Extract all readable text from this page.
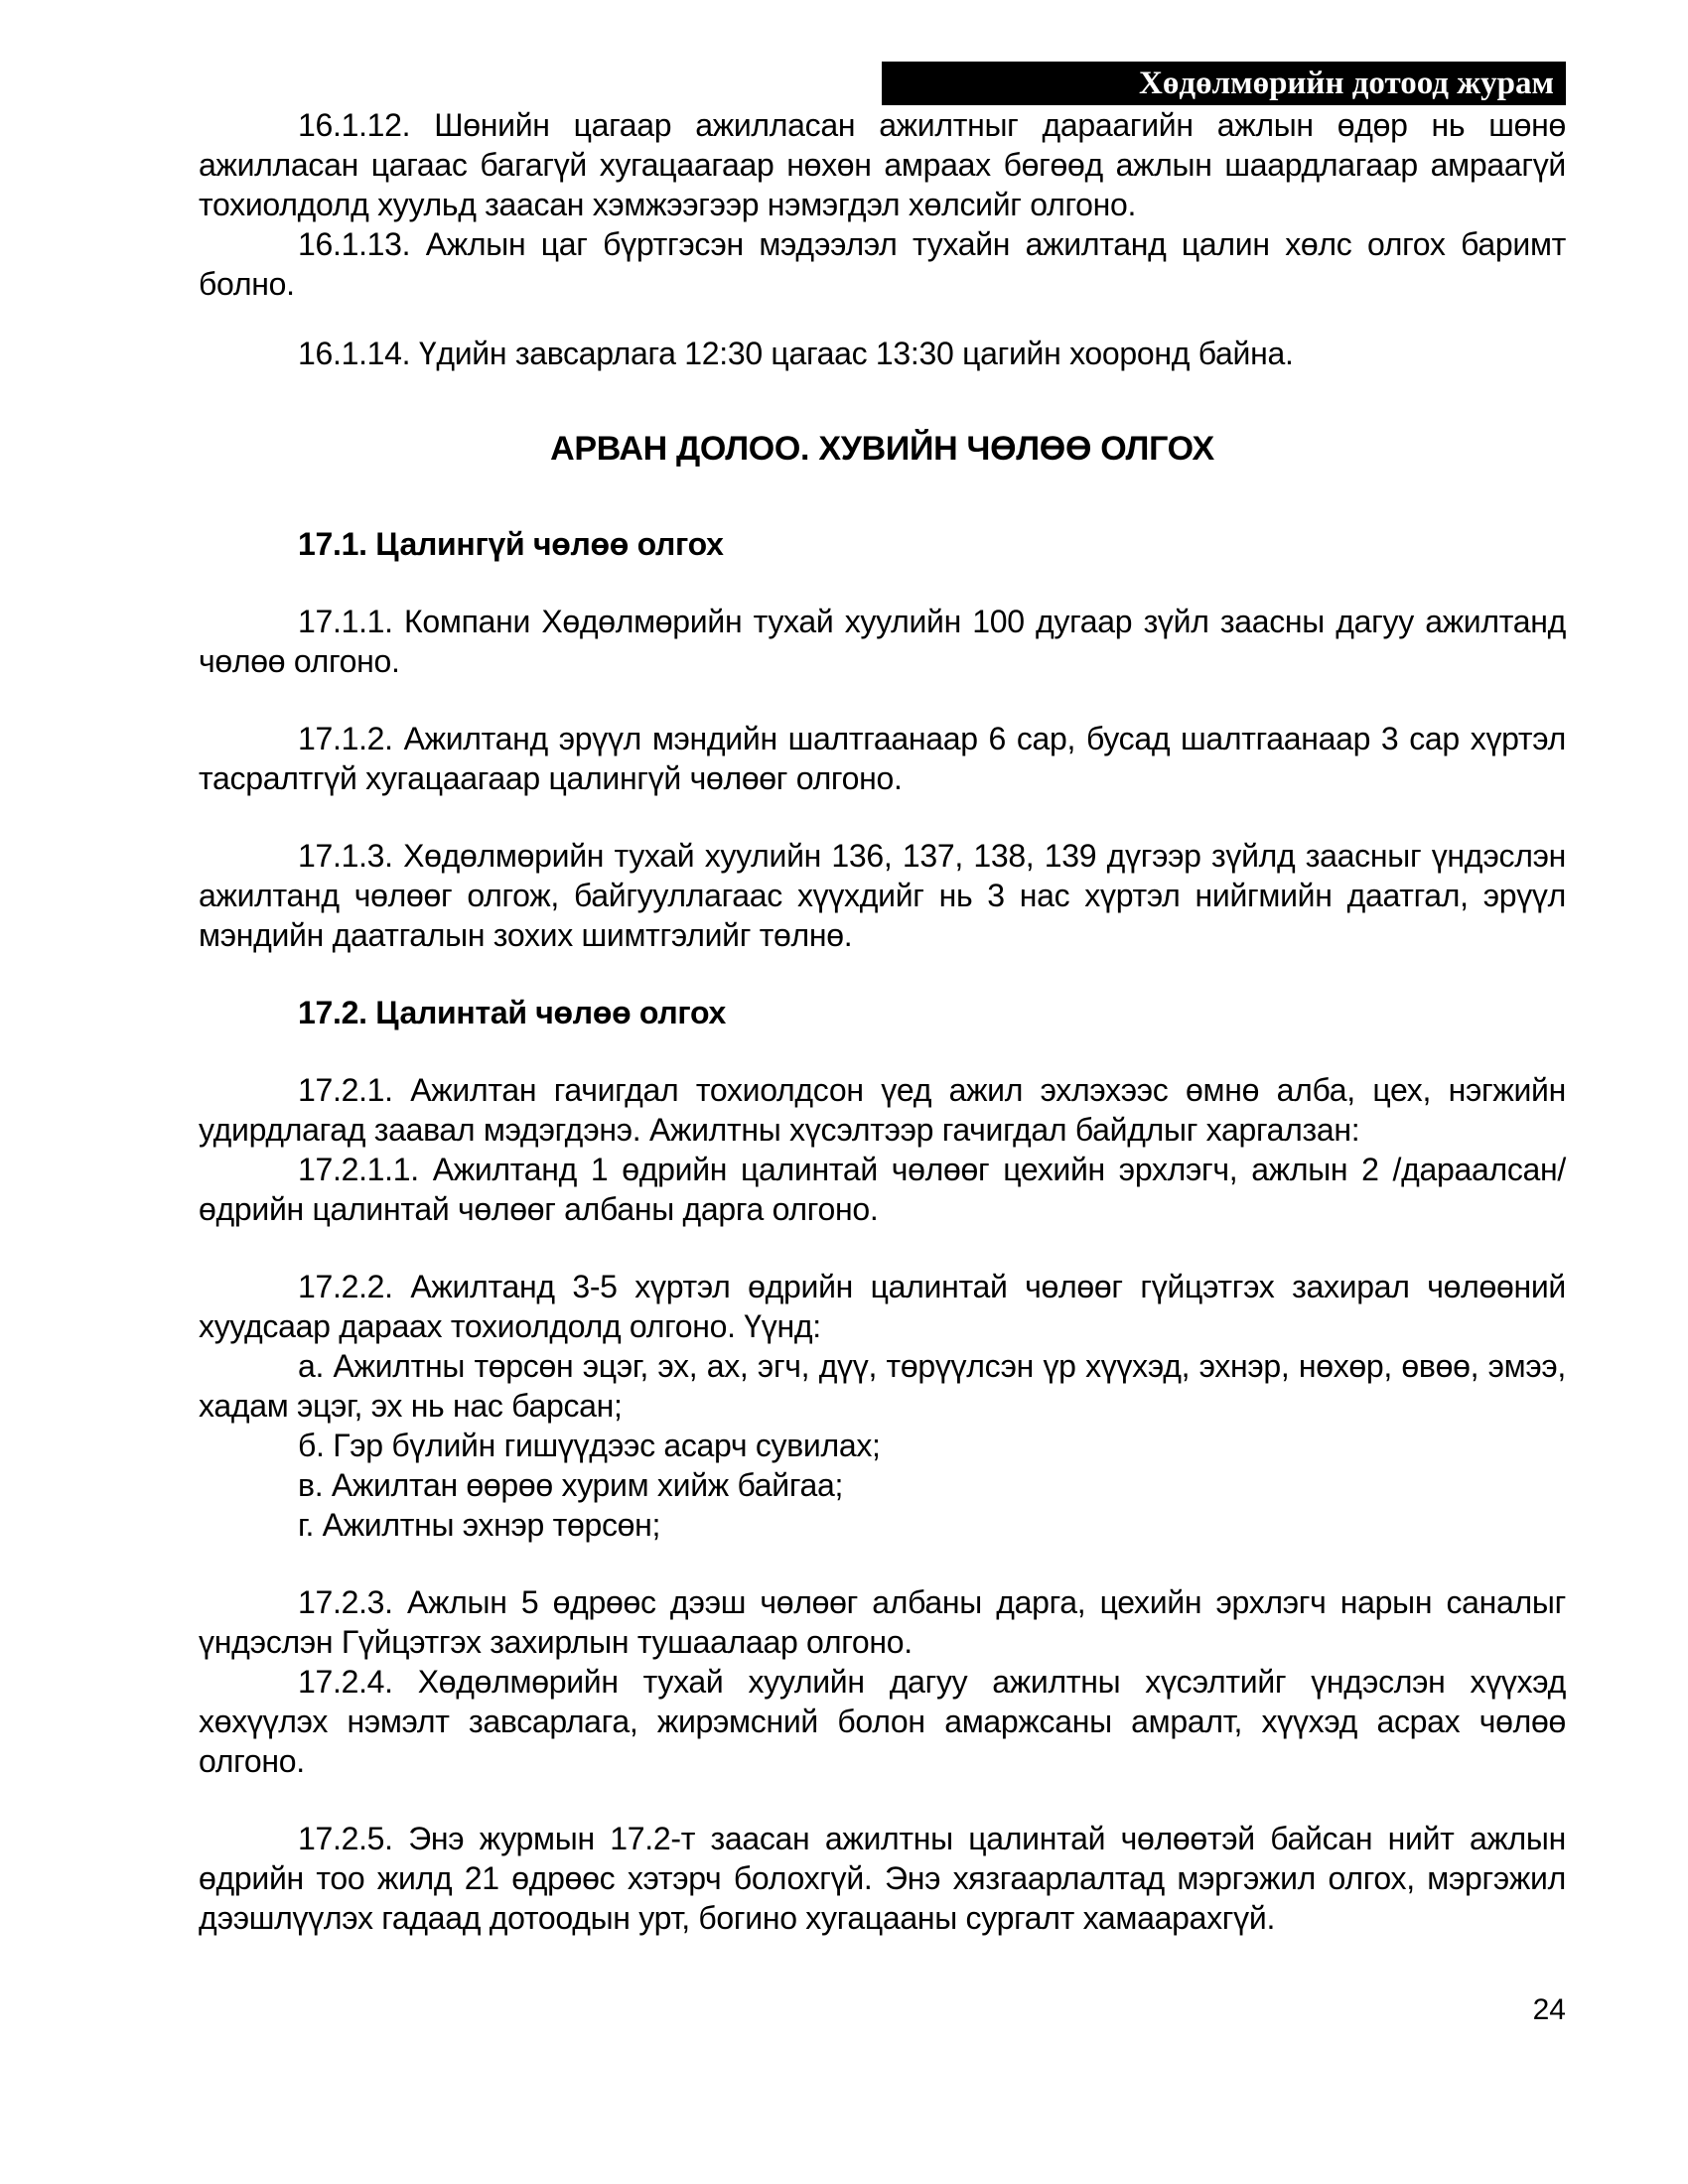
Хөдөлмөрийн дотоод журам

16.1.12. Шөнийн цагаар ажилласан ажилтныг дараагийн ажлын өдөр нь шөнө ажилласан цагаас багагүй хугацаагаар нөхөн амраах бөгөөд ажлын шаардлагаар амраагүй тохиолдолд хуульд заасан хэмжээгээр нэмэгдэл хөлсийг олгоно.

16.1.13. Ажлын цаг бүртгэсэн мэдээлэл тухайн ажилтанд цалин хөлс олгох баримт болно.

16.1.14. Үдийн завсарлага 12:30 цагаас 13:30 цагийн хооронд байна.

АРВАН ДОЛОО. ХУВИЙН ЧӨЛӨӨ ОЛГОХ

17.1. Цалингүй чөлөө олгох

17.1.1. Компани Хөдөлмөрийн тухай хуулийн 100 дугаар зүйл заасны дагуу ажилтанд чөлөө олгоно.

17.1.2. Ажилтанд эрүүл мэндийн шалтгаанаар 6 сар, бусад шалтгаанаар 3 сар хүртэл тасралтгүй хугацаагаар цалингүй чөлөөг олгоно.

17.1.3. Хөдөлмөрийн тухай хуулийн 136, 137, 138, 139 дүгээр зүйлд заасныг үндэслэн ажилтанд чөлөөг олгож, байгууллагаас хүүхдийг нь 3 нас хүртэл нийгмийн даатгал, эрүүл мэндийн даатгалын зохих шимтгэлийг төлнө.

17.2. Цалинтай чөлөө олгох

17.2.1. Ажилтан гачигдал тохиолдсон үед ажил эхлэхээс өмнө алба, цех, нэгжийн удирдлагад заавал мэдэгдэнэ. Ажилтны хүсэлтээр гачигдал байдлыг харгалзан:

17.2.1.1. Ажилтанд 1 өдрийн цалинтай чөлөөг цехийн эрхлэгч, ажлын 2 /дараалсан/ өдрийн цалинтай чөлөөг албаны дарга олгоно.

17.2.2. Ажилтанд 3-5 хүртэл өдрийн цалинтай чөлөөг гүйцэтгэх захирал чөлөөний хуудсаар дараах тохиолдолд олгоно. Үүнд:

а. Ажилтны төрсөн эцэг, эх, ах, эгч, дүү, төрүүлсэн үр хүүхэд, эхнэр, нөхөр, өвөө, эмээ, хадам эцэг, эх нь нас барсан;

б. Гэр бүлийн гишүүдээс асарч сувилах;

в. Ажилтан өөрөө хурим хийж байгаа;

г. Ажилтны эхнэр төрсөн;

17.2.3. Ажлын 5 өдрөөс дээш чөлөөг албаны дарга, цехийн эрхлэгч нарын саналыг үндэслэн Гүйцэтгэх захирлын тушаалаар олгоно.

17.2.4. Хөдөлмөрийн тухай хуулийн дагуу ажилтны хүсэлтийг үндэслэн хүүхэд хөхүүлэх нэмэлт завсарлага, жирэмсний болон амаржсаны амралт, хүүхэд асрах чөлөө олгоно.

17.2.5. Энэ журмын 17.2-т заасан ажилтны цалинтай чөлөөтэй байсан нийт ажлын өдрийн тоо жилд 21 өдрөөс хэтэрч болохгүй. Энэ хязгаарлалтад мэргэжил олгох, мэргэжил дээшлүүлэх гадаад дотоодын урт, богино хугацааны сургалт хамаарахгүй.

24
